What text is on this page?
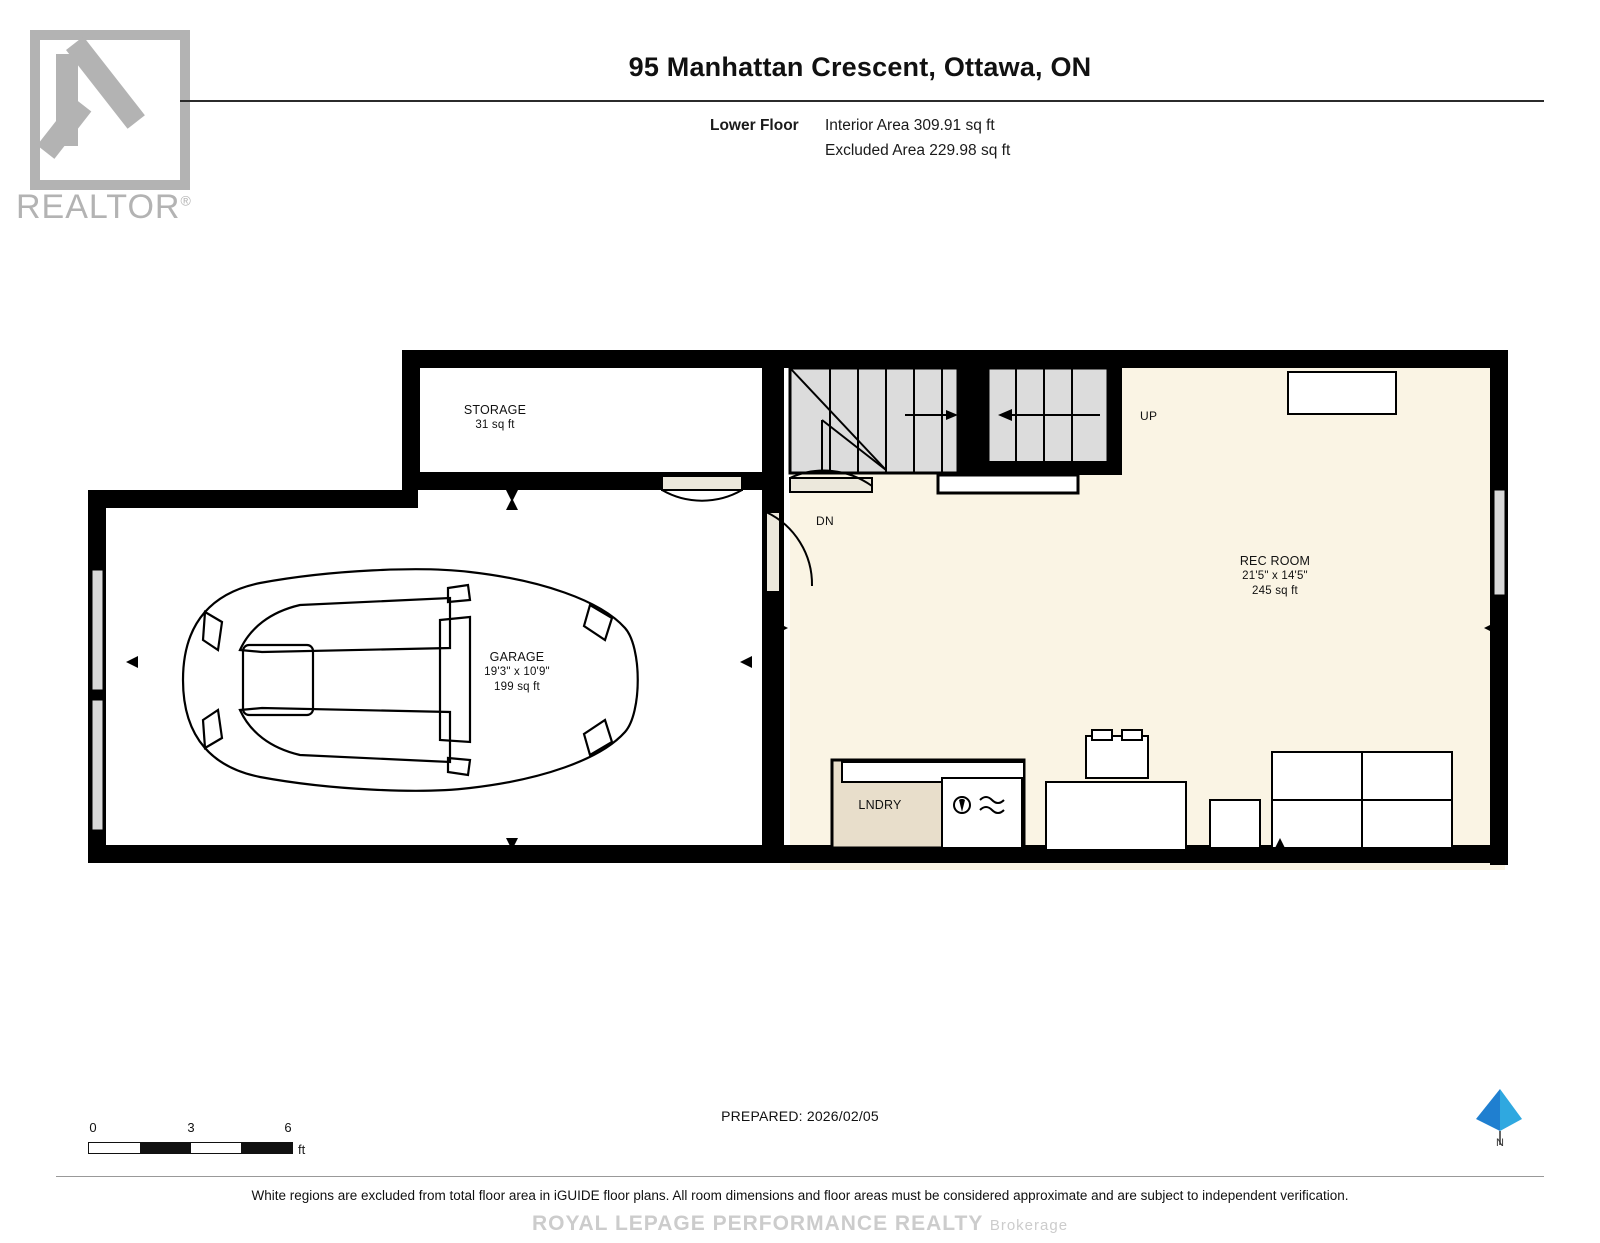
REALTOR®
95 Manhattan Crescent, Ottawa, ON
Lower Floor Interior Area 309.91 sq ft
Excluded Area 229.98 sq ft
STORAGE
31 sq ft
GARAGE
19'3" x 10'9"
199 sq ft
REC ROOM
21'5" x 14'5"
245 sq ft
LNDRY
UP
DN
0	3	6
ft
PREPARED: 2026/02/05
N
White regions are excluded from total floor area in iGUIDE floor plans. All room dimensions and floor areas must be considered approximate and are subject to independent verification.
ROYAL LEPAGE PERFORMANCE REALTY Brokerage
